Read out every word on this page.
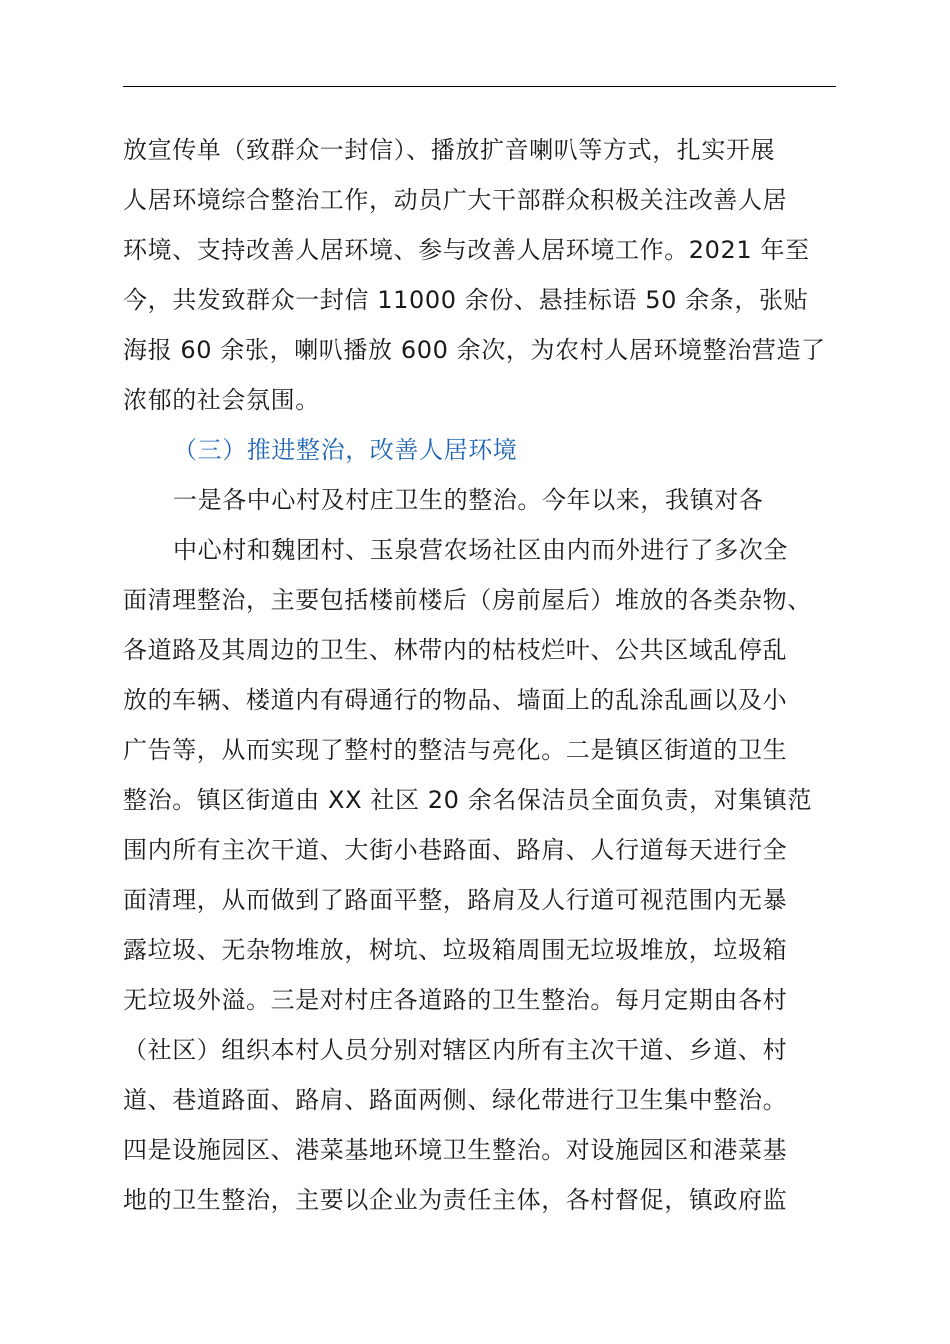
放宣传单（致群众一封信）、播放扩音喇叭等方式，扎实开展
人居环境综合整治工作，动员广大干部群众积极关注改善人居
环境、支持改善人居环境、参与改善人居环境工作。2021 年至
今，共发致群众一封信 11000 余份、悬挂标语 50 余条，张贴
海报 60 余张，喇叭播放 600 余次，为农村人居环境整治营造了
浓郁的社会氛围。
（三）推进整治，改善人居环境
一是各中心村及村庄卫生的整治。今年以来，我镇对各
中心村和魏团村、玉泉营农场社区由内而外进行了多次全
面清理整治，主要包括楼前楼后（房前屋后）堆放的各类杂物、
各道路及其周边的卫生、林带内的枯枝烂叶、公共区域乱停乱
放的车辆、楼道内有碍通行的物品、墙面上的乱涂乱画以及小
广告等，从而实现了整村的整洁与亮化。二是镇区街道的卫生
整治。镇区街道由 XX 社区 20 余名保洁员全面负责，对集镇范
围内所有主次干道、大街小巷路面、路肩、人行道每天进行全
面清理，从而做到了路面平整，路肩及人行道可视范围内无暴
露垃圾、无杂物堆放，树坑、垃圾箱周围无垃圾堆放，垃圾箱
无垃圾外溢。三是对村庄各道路的卫生整治。每月定期由各村
（社区）组织本村人员分别对辖区内所有主次干道、乡道、村
道、巷道路面、路肩、路面两侧、绿化带进行卫生集中整治。
四是设施园区、港菜基地环境卫生整治。对设施园区和港菜基
地的卫生整治，主要以企业为责任主体，各村督促，镇政府监
